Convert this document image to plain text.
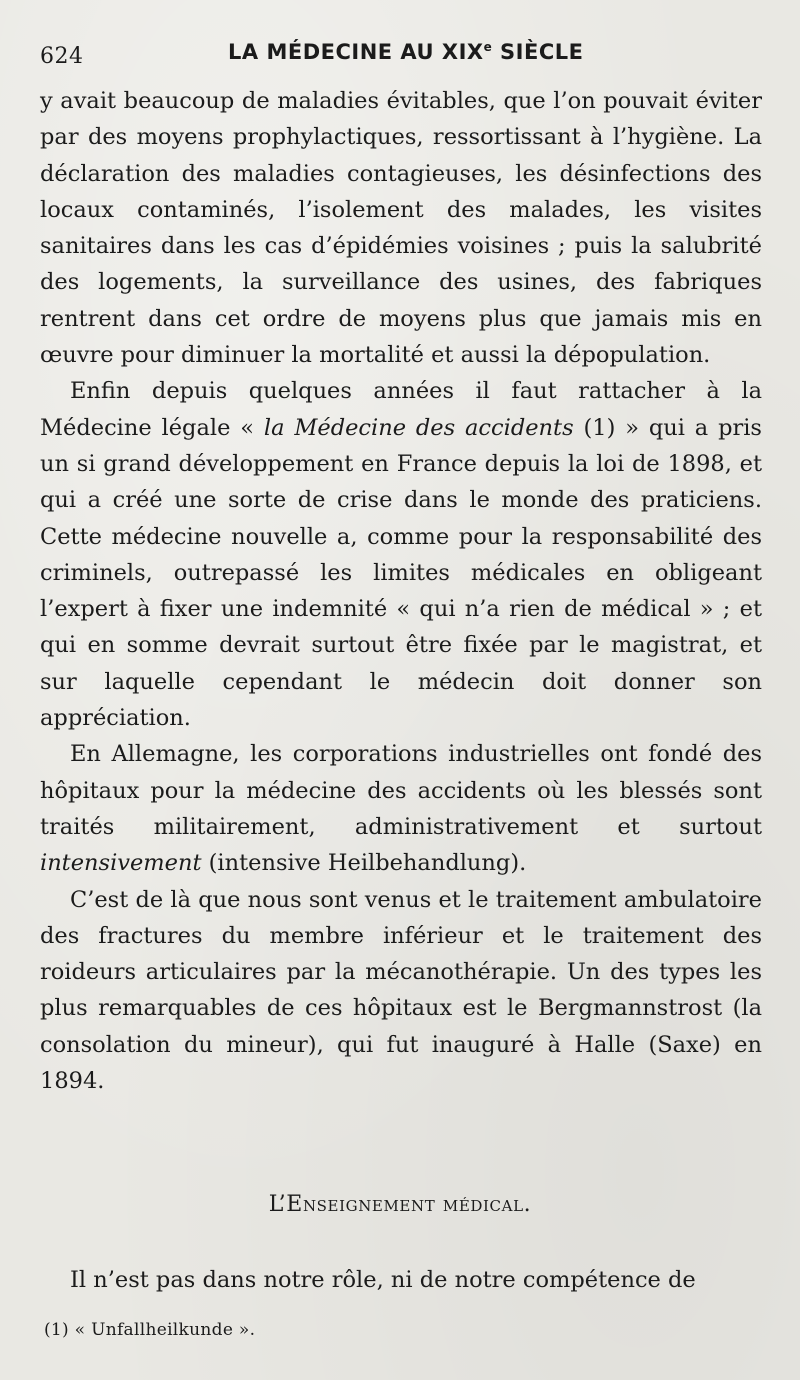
624	LA MÉDECINE AU XIXe SIÈCLE

y avait beaucoup de maladies évitables, que l’on pouvait éviter par des moyens prophylactiques, ressortissant à l’hygiène. La déclaration des maladies contagieuses, les désinfections des locaux contaminés, l’isolement des malades, les visites sanitaires dans les cas d’épidémies voisines ; puis la salubrité des logements, la surveillance des usines, des fabriques rentrent dans cet ordre de moyens plus que jamais mis en œuvre pour diminuer la mortalité et aussi la dépopulation.

Enfin depuis quelques années il faut rattacher à la Médecine légale « la Médecine des accidents (1) » qui a pris un si grand développement en France depuis la loi de 1898, et qui a créé une sorte de crise dans le monde des praticiens. Cette médecine nouvelle a, comme pour la responsabilité des criminels, outrepassé les limites médicales en obligeant l’expert à fixer une indemnité « qui n’a rien de médical » ; et qui en somme devrait surtout être fixée par le magistrat, et sur laquelle cependant le médecin doit donner son appréciation.

En Allemagne, les corporations industrielles ont fondé des hôpitaux pour la médecine des accidents où les blessés sont traités militairement, administrativement et surtout intensivement (intensive Heilbehandlung).

C’est de là que nous sont venus et le traitement ambulatoire des fractures du membre inférieur et le traitement des roideurs articulaires par la mécanothérapie. Un des types les plus remarquables de ces hôpitaux est le Bergmannstrost (la consolation du mineur), qui fut inauguré à Halle (Saxe) en 1894.

L’Enseignement médical.
Il n’est pas dans notre rôle, ni de notre compétence de
(1) « Unfallheilkunde ».
